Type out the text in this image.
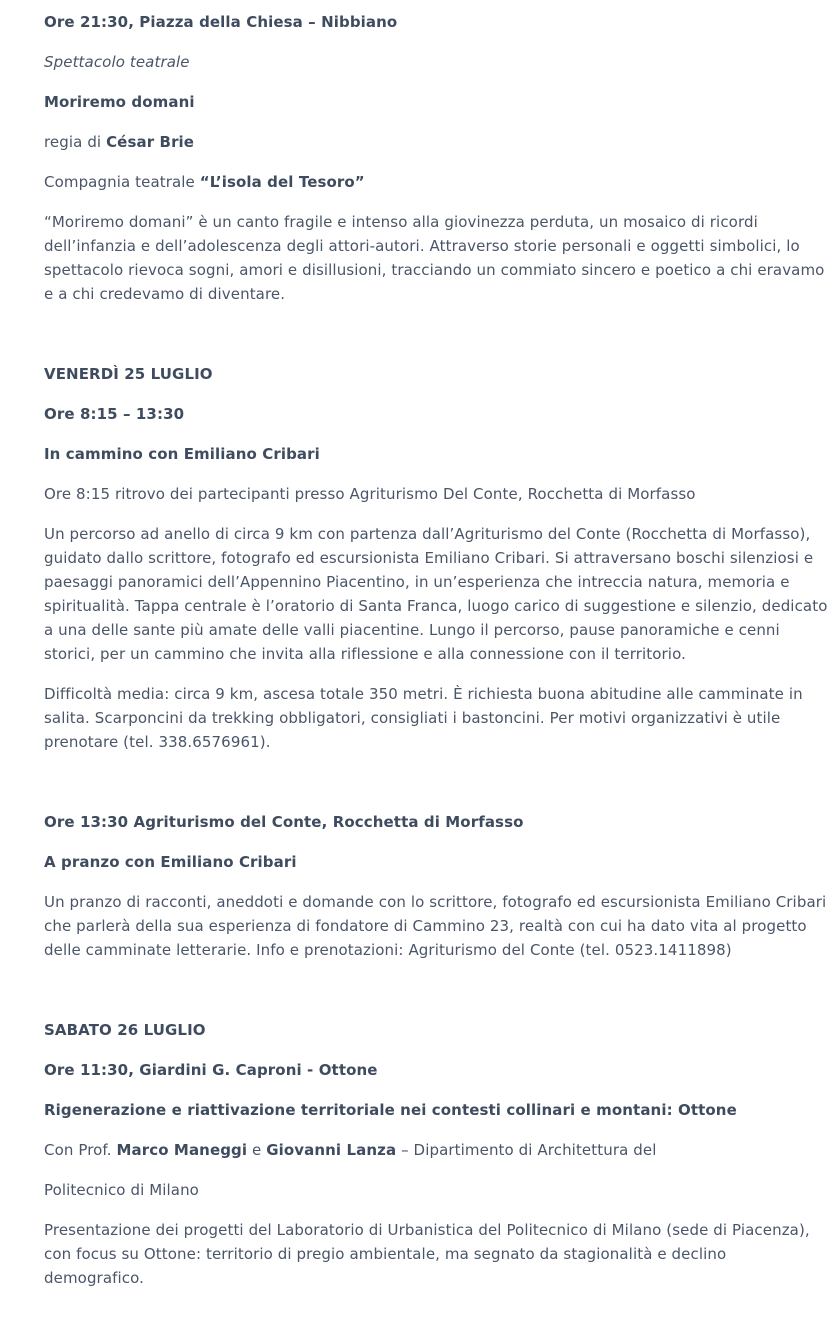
Ore 21:30, Piazza della Chiesa – Nibbiano

Spettacolo teatrale

Moriremo domani

regia di César Brie

Compagnia teatrale “L’isola del Tesoro”

“Moriremo domani” è un canto fragile e intenso alla giovinezza perduta, un mosaico di ricordi dell’infanzia e dell’adolescenza degli attori-autori. Attraverso storie personali e oggetti simbolici, lo spettacolo rievoca sogni, amori e disillusioni, tracciando un commiato sincero e poetico a chi eravamo e a chi credevamo di diventare.

VENERDÌ 25 LUGLIO

Ore 8:15 – 13:30

In cammino con Emiliano Cribari

Ore 8:15 ritrovo dei partecipanti presso Agriturismo Del Conte, Rocchetta di Morfasso

Un percorso ad anello di circa 9 km con partenza dall’Agriturismo del Conte (Rocchetta di Morfasso), guidato dallo scrittore, fotografo ed escursionista Emiliano Cribari. Si attraversano boschi silenziosi e paesaggi panoramici dell’Appennino Piacentino, in un’esperienza che intreccia natura, memoria e spiritualità. Tappa centrale è l’oratorio di Santa Franca, luogo carico di suggestione e silenzio, dedicato a una delle sante più amate delle valli piacentine. Lungo il percorso, pause panoramiche e cenni storici, per un cammino che invita alla riflessione e alla connessione con il territorio.

Difficoltà media: circa 9 km, ascesa totale 350 metri. È richiesta buona abitudine alle camminate in salita. Scarponcini da trekking obbligatori, consigliati i bastoncini. Per motivi organizzativi è utile prenotare (tel. 338.6576961).

Ore 13:30 Agriturismo del Conte, Rocchetta di Morfasso

A pranzo con Emiliano Cribari

Un pranzo di racconti, aneddoti e domande con lo scrittore, fotografo ed escursionista Emiliano Cribari che parlerà della sua esperienza di fondatore di Cammino 23, realtà con cui ha dato vita al progetto delle camminate letterarie. Info e prenotazioni: Agriturismo del Conte (tel. 0523.1411898)

SABATO 26 LUGLIO

Ore 11:30, Giardini G. Caproni - Ottone

Rigenerazione e riattivazione territoriale nei contesti collinari e montani: Ottone

Con Prof. Marco Maneggi e Giovanni Lanza – Dipartimento di Architettura del

Politecnico di Milano

Presentazione dei progetti del Laboratorio di Urbanistica del Politecnico di Milano (sede di Piacenza), con focus su Ottone: territorio di pregio ambientale, ma segnato da stagionalità e declino demografico.
